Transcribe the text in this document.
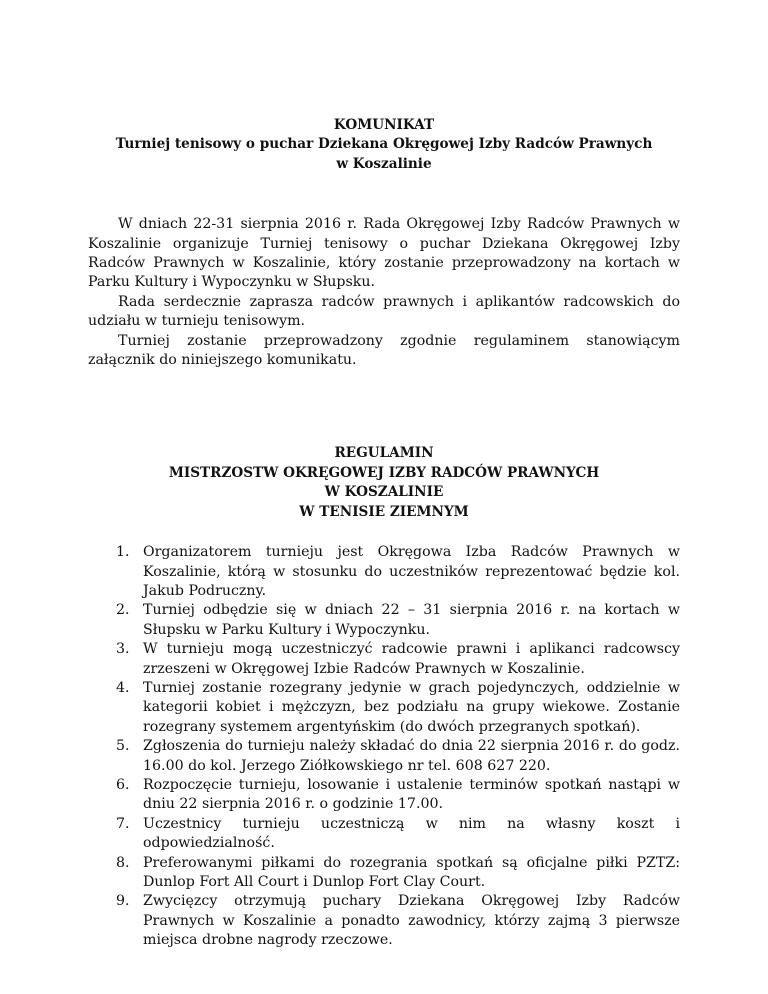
KOMUNIKAT
Turniej tenisowy o puchar Dziekana Okręgowej Izby Radców Prawnych
w Koszalinie

W dniach 22-31 sierpnia 2016 r. Rada Okręgowej Izby Radców Prawnych w Koszalinie organizuje Turniej tenisowy o puchar Dziekana Okręgowej Izby Radców Prawnych w Koszalinie, który zostanie przeprowadzony na kortach w Parku Kultury i Wypoczynku w Słupsku.

Rada serdecznie zaprasza radców prawnych i aplikantów radcowskich do udziału w turnieju tenisowym.

Turniej zostanie przeprowadzony zgodnie regulaminem stanowiącym załącznik do niniejszego komunikatu.

REGULAMIN
MISTRZOSTW OKRĘGOWEJ IZBY RADCÓW PRAWNYCH
W KOSZALINIE
W TENISIE ZIEMNYM
1. Organizatorem turnieju jest Okręgowa Izba Radców Prawnych w Koszalinie, którą w stosunku do uczestników reprezentować będzie kol. Jakub Podruczny.
2. Turniej odbędzie się w dniach 22 – 31 sierpnia 2016 r. na kortach w Słupsku w Parku Kultury i Wypoczynku.
3. W turnieju mogą uczestniczyć radcowie prawni i aplikanci radcowscy zrzeszeni w Okręgowej Izbie Radców Prawnych w Koszalinie.
4. Turniej zostanie rozegrany jedynie w grach pojedynczych, oddzielnie w kategorii kobiet i mężczyzn, bez podziału na grupy wiekowe. Zostanie rozegrany systemem argentyńskim (do dwóch przegranych spotkań).
5. Zgłoszenia do turnieju należy składać do dnia 22 sierpnia 2016 r. do godz. 16.00 do kol. Jerzego Ziółkowskiego nr tel. 608 627 220.
6. Rozpoczęcie turnieju, losowanie i ustalenie terminów spotkań nastąpi w dniu 22 sierpnia 2016 r. o godzinie 17.00.
7. Uczestnicy turnieju uczestniczą w nim na własny koszt i odpowiedzialność.
8. Preferowanymi piłkami do rozegrania spotkań są oficjalne piłki PZTZ: Dunlop Fort All Court i Dunlop Fort Clay Court.
9. Zwycięzcy otrzymują puchary Dziekana Okręgowej Izby Radców Prawnych w Koszalinie a ponadto zawodnicy, którzy zajmą 3 pierwsze miejsca drobne nagrody rzeczowe.
